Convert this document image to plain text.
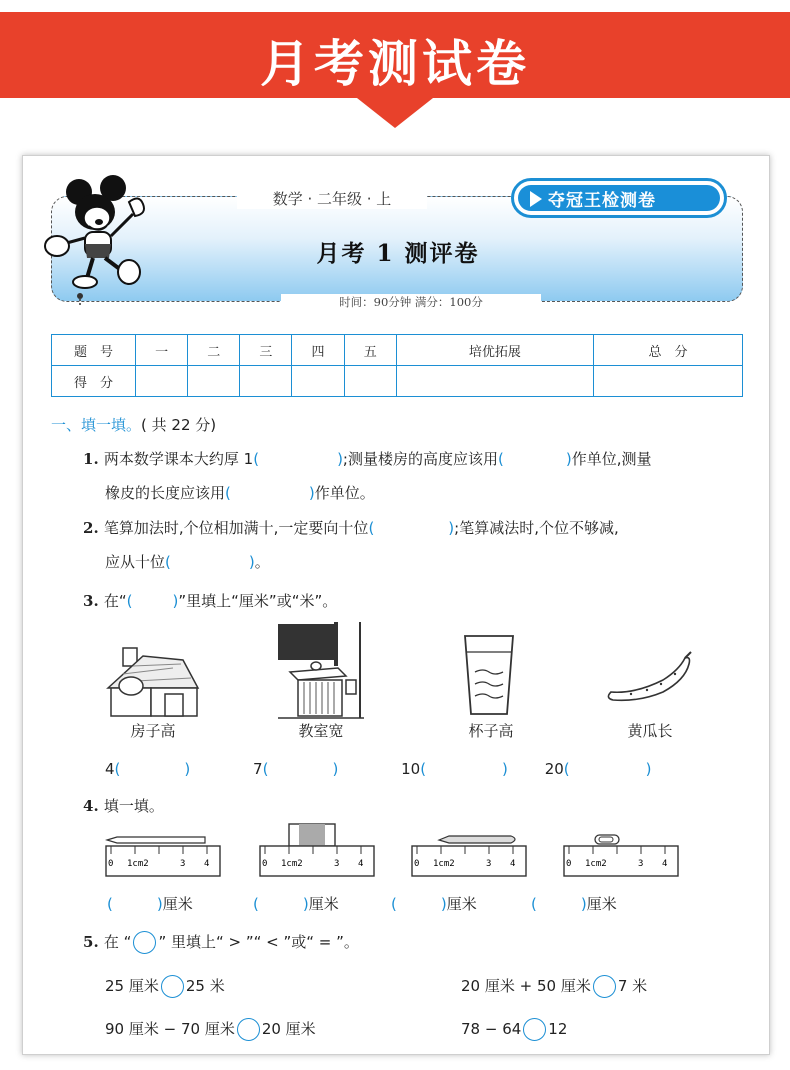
月考测试卷
月考 1 测评卷
数学 · 二年级 · 上
时间：90分钟 满分：100分
夺冠王检测卷
题　号	一	二	三	四	五	培优拓展	总　分
得　分							
一、填一填。( 共 22 分)
1. 两本数学课本大约厚 1(	);测量楼房的高度应该用(	)作单位,测量
橡皮的长度应该用(	)作单位。
2. 笔算加法时,个位相加满十,一定要向十位(	);笔算减法时,个位不够减,
应从十位(	)。
3. 在“(	)”里填上“厘米”或“米”。
房子高	教室宽	杯子高	黄瓜长
4(	)	7(	)	10(	) 20(	)
4. 填一填。
0 1cm2	3 4	0 1cm2	3 4	0 1cm2	3 4	0 1cm2	3 4
(	)厘米	(	)厘米	(	)厘米	(	)厘米
5. 在 “ ” 里填上“ > ”“ < ”或“ = ”。
25 厘米 25 米	20 厘米 + 50 厘米 7 米
90 厘米 − 70 厘米 20 厘米	78 − 64 12
